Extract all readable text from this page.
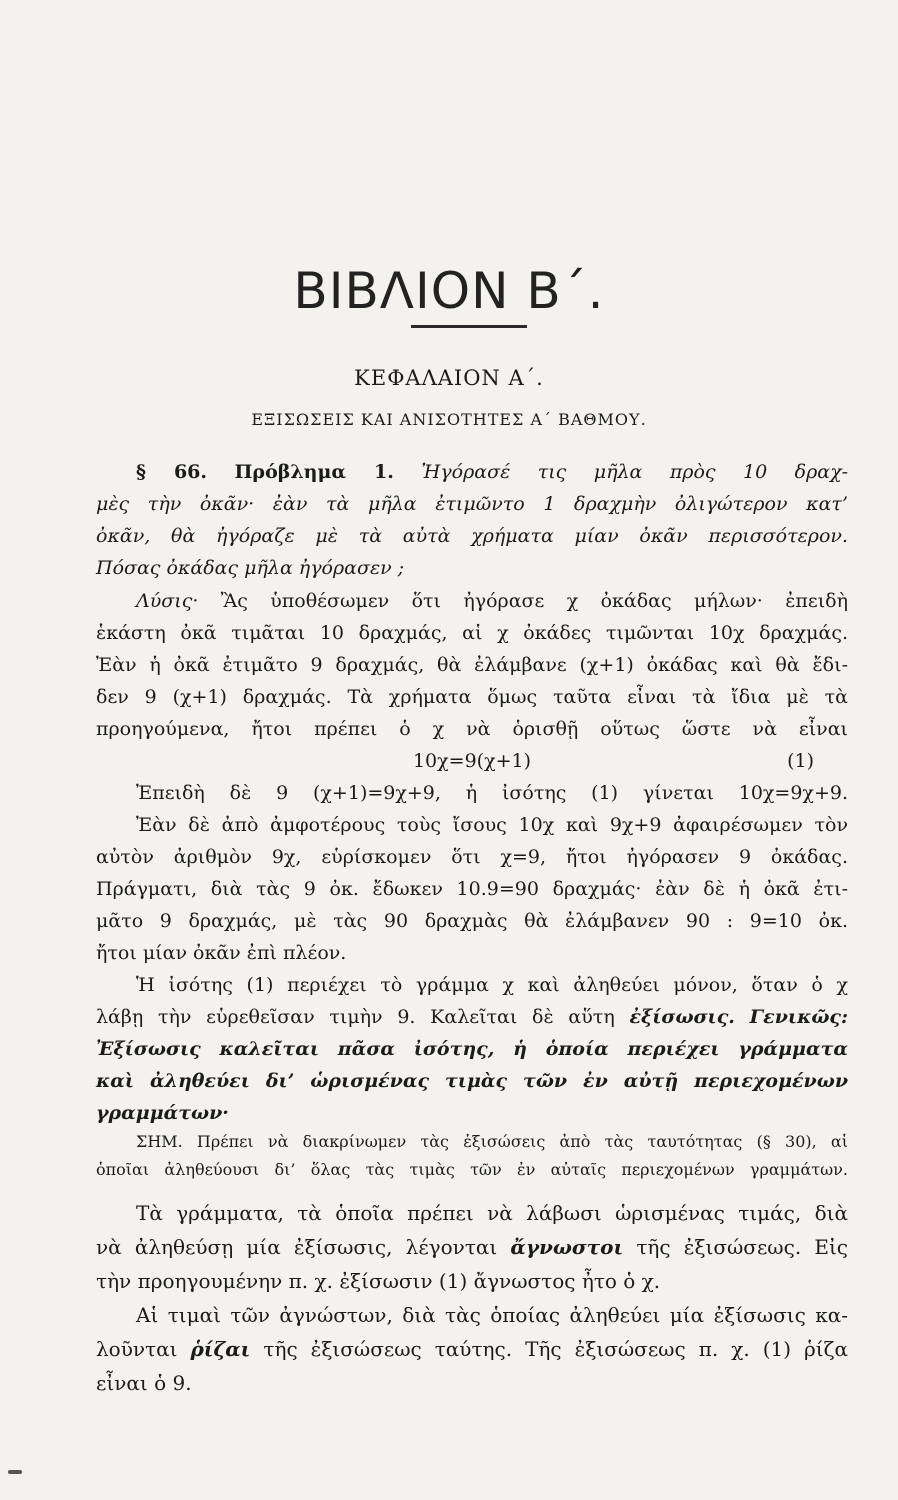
ΒΙΒΛΙΟΝ Β΄.
ΚΕΦΑΛΑΙΟΝ Α΄.
ΕΞΙΣΩΣΕΙΣ ΚΑΙ ΑΝΙΣΟΤΗΤΕΣ Α΄ ΒΑΘΜΟΥ.
§ 66. Πρόβλημα 1. Ἠγόρασέ τις μῆλα πρὸς 10 δραχ-
μὲς τὴν ὀκᾶν· ἐὰν τὰ μῆλα ἐτιμῶντο 1 δραχμὴν ὀλιγώτερον κατ’
ὀκᾶν, θὰ ἠγόραζε μὲ τὰ αὐτὰ χρήματα μίαν ὀκᾶν περισσότερον.
Πόσας ὀκάδας μῆλα ἠγόρασεν ;
Λύσις· Ἂς ὑποθέσωμεν ὅτι ἠγόρασε χ ὀκάδας μήλων· ἐπειδὴ
ἑκάστη ὀκᾶ τιμᾶται 10 δραχμάς, αἱ χ ὀκάδες τιμῶνται 10χ δραχμάς.
Ἐὰν ἡ ὀκᾶ ἐτιμᾶτο 9 δραχμάς, θὰ ἐλάμβανε (χ+1) ὀκάδας καὶ θὰ ἔδι-
δεν 9 (χ+1) δραχμάς. Τὰ χρήματα ὅμως ταῦτα εἶναι τὰ ἴδια μὲ τὰ
προηγούμενα, ἤτοι πρέπει ὁ χ νὰ ὁρισθῇ οὕτως ὥστε νὰ εἶναι
10χ=9(χ+1)	(1)
Ἐπειδὴ δὲ 9 (χ+1)=9χ+9, ἡ ἰσότης (1) γίνεται 10χ=9χ+9.
Ἐὰν δὲ ἀπὸ ἀμφοτέρους τοὺς ἴσους 10χ καὶ 9χ+9 ἀφαιρέσωμεν τὸν
αὐτὸν ἀριθμὸν 9χ, εὑρίσκομεν ὅτι χ=9, ἤτοι ἠγόρασεν 9 ὀκάδας.
Πράγματι, διὰ τὰς 9 ὀκ. ἔδωκεν 10.9=90 δραχμάς· ἐὰν δὲ ἡ ὀκᾶ ἐτι-
μᾶτο 9 δραχμάς, μὲ τὰς 90 δραχμὰς θὰ ἐλάμβανεν 90 : 9=10 ὀκ.
ἤτοι μίαν ὀκᾶν ἐπὶ πλέον.
Ἡ ἰσότης (1) περιέχει τὸ γράμμα χ καὶ ἀληθεύει μόνον, ὅταν ὁ χ
λάβῃ τὴν εὑρεθεῖσαν τιμὴν 9. Καλεῖται δὲ αὕτη ἐξίσωσις. Γενικῶς:
Ἐξίσωσις καλεῖται πᾶσα ἰσότης, ἡ ὁποία περιέχει γράμματα
καὶ ἀληθεύει δι’ ὡρισμένας τιμὰς τῶν ἐν αὐτῇ περιεχομένων
γραμμάτων·
ΣΗΜ. Πρέπει νὰ διακρίνωμεν τὰς ἐξισώσεις ἀπὸ τὰς ταυτότητας (§ 30), αἱ
ὁποῖαι ἀληθεύουσι δι’ ὅλας τὰς τιμὰς τῶν ἐν αὐταῖς περιεχομένων γραμμάτων.
Τὰ γράμματα, τὰ ὁποῖα πρέπει νὰ λάβωσι ὡρισμένας τιμάς, διὰ
νὰ ἀληθεύσῃ μία ἐξίσωσις, λέγονται ἄγνωστοι τῆς ἐξισώσεως. Εἰς
τὴν προηγουμένην π. χ. ἐξίσωσιν (1) ἄγνωστος ἦτο ὁ χ.
Αἱ τιμαὶ τῶν ἀγνώστων, διὰ τὰς ὁποίας ἀληθεύει μία ἐξίσωσις κα-
λοῦνται ῥίζαι τῆς ἐξισώσεως ταύτης. Τῆς ἐξισώσεως π. χ. (1) ῥίζα
εἶναι ὁ 9.
